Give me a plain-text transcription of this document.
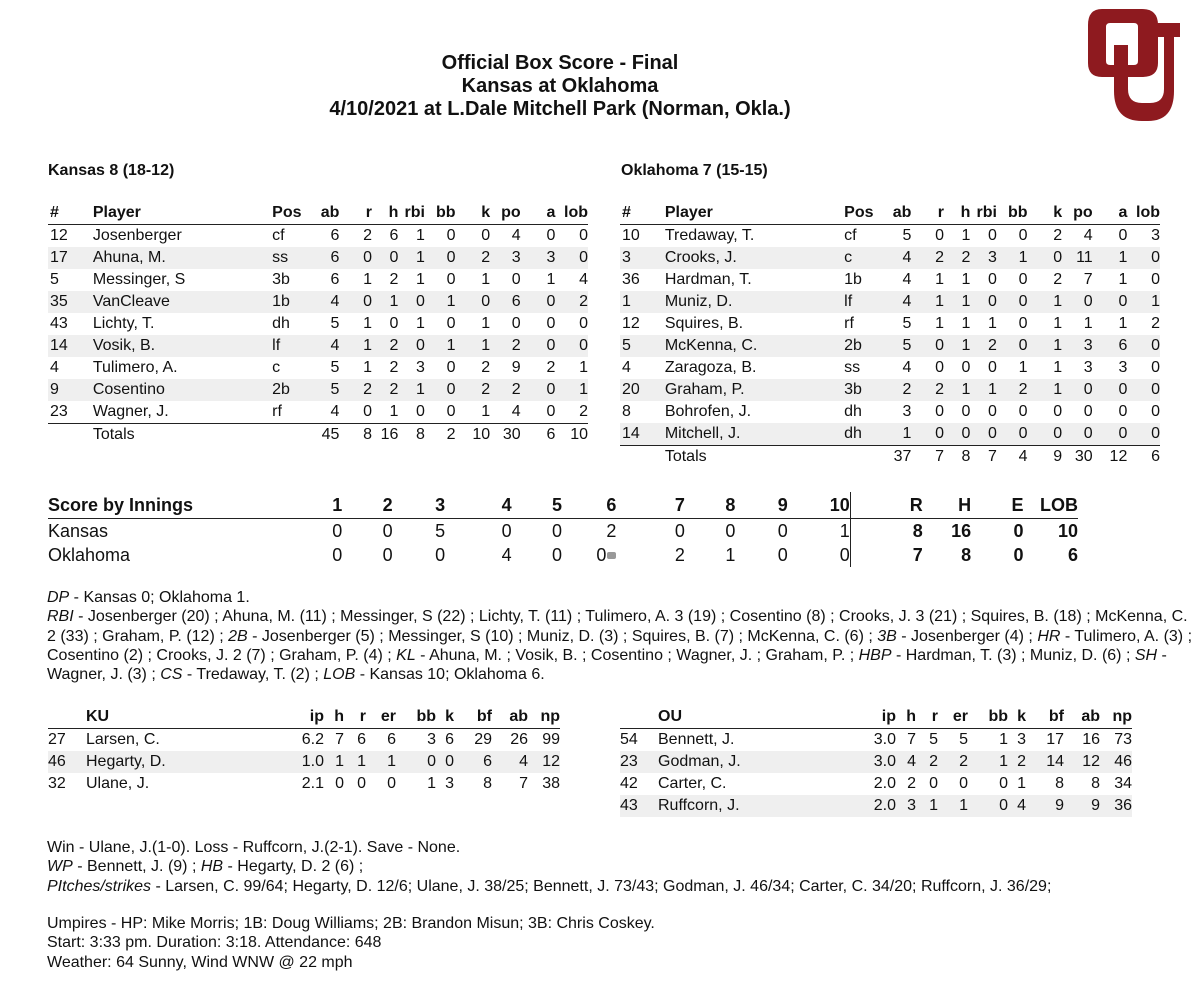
Official Box Score - Final
Kansas at Oklahoma
4/10/2021 at L.Dale Mitchell Park (Norman, Okla.)
Kansas 8 (18-12)	Oklahoma 7 (15-15)
#	Player	Pos	ab	r	h	rbi	bb	k	po	a	lob
12	Josenberger	cf	6	2	6	1	0	0	4	0	0
17	Ahuna, M.	ss	6	0	0	1	0	2	3	3	0
5	Messinger, S	3b	6	1	2	1	0	1	0	1	4
35	VanCleave	1b	4	0	1	0	1	0	6	0	2
43	Lichty, T.	dh	5	1	0	1	0	1	0	0	0
14	Vosik, B.	lf	4	1	2	0	1	1	2	0	0
4	Tulimero, A.	c	5	1	2	3	0	2	9	2	1
9	Cosentino	2b	5	2	2	1	0	2	2	0	1
23	Wagner, J.	rf	4	0	1	0	0	1	4	0	2
	Totals		45	8	16	8	2	10	30	6	10
#	Player	Pos	ab	r	h	rbi	bb	k	po	a	lob
10	Tredaway, T.	cf	5	0	1	0	0	2	4	0	3
3	Crooks, J.	c	4	2	2	3	1	0	11	1	0
36	Hardman, T.	1b	4	1	1	0	0	2	7	1	0
1	Muniz, D.	lf	4	1	1	0	0	1	0	0	1
12	Squires, B.	rf	5	1	1	1	0	1	1	1	2
5	McKenna, C.	2b	5	0	1	2	0	1	3	6	0
4	Zaragoza, B.	ss	4	0	0	0	1	1	3	3	0
20	Graham, P.	3b	2	2	1	1	2	1	0	0	0
8	Bohrofen, J.	dh	3	0	0	0	0	0	0	0	0
14	Mitchell, J.	dh	1	0	0	0	0	0	0	0	0
	Totals		37	7	8	7	4	9	30	12	6
Score by Innings	1	2	3	4	5	6	7	8	9	10	R	H	E	LOB
Kansas	0	0	5	0	0	2	0	0	0	1	8	16	0	10
Oklahoma	0	0	0	4	0	0	2	1	0	0	7	8	0	6
DP - Kansas 0; Oklahoma 1.
RBI - Josenberger (20) ; Ahuna, M. (11) ; Messinger, S (22) ; Lichty, T. (11) ; Tulimero, A. 3 (19) ; Cosentino (8) ; Crooks, J. 3 (21) ; Squires, B. (18) ; McKenna, C. 2 (33) ; Graham, P. (12) ; 2B - Josenberger (5) ; Messinger, S (10) ; Muniz, D. (3) ; Squires, B. (7) ; McKenna, C. (6) ; 3B - Josenberger (4) ; HR - Tulimero, A. (3) ; Cosentino (2) ; Crooks, J. 2 (7) ; Graham, P. (4) ; KL - Ahuna, M. ; Vosik, B. ; Cosentino ; Wagner, J. ; Graham, P. ; HBP - Hardman, T. (3) ; Muniz, D. (6) ; SH - Wagner, J. (3) ; CS - Tredaway, T. (2) ; LOB - Kansas 10; Oklahoma 6.
	KU	ip	h	r	er	bb	k	bf	ab	np
27	Larsen, C.	6.2	7	6	6	3	6	29	26	99
46	Hegarty, D.	1.0	1	1	1	0	0	6	4	12
32	Ulane, J.	2.1	0	0	0	1	3	8	7	38
	OU	ip	h	r	er	bb	k	bf	ab	np
54	Bennett, J.	3.0	7	5	5	1	3	17	16	73
23	Godman, J.	3.0	4	2	2	1	2	14	12	46
42	Carter, C.	2.0	2	0	0	0	1	8	8	34
43	Ruffcorn, J.	2.0	3	1	1	0	4	9	9	36
Win - Ulane, J.(1-0). Loss - Ruffcorn, J.(2-1). Save - None.
WP - Bennett, J. (9) ; HB - Hegarty, D. 2 (6) ;
PItches/strikes - Larsen, C. 99/64; Hegarty, D. 12/6; Ulane, J. 38/25; Bennett, J. 73/43; Godman, J. 46/34; Carter, C. 34/20; Ruffcorn, J. 36/29;
Umpires - HP: Mike Morris; 1B: Doug Williams; 2B: Brandon Misun; 3B: Chris Coskey.
Start: 3:33 pm. Duration: 3:18. Attendance: 648
Weather: 64 Sunny, Wind WNW @ 22 mph
